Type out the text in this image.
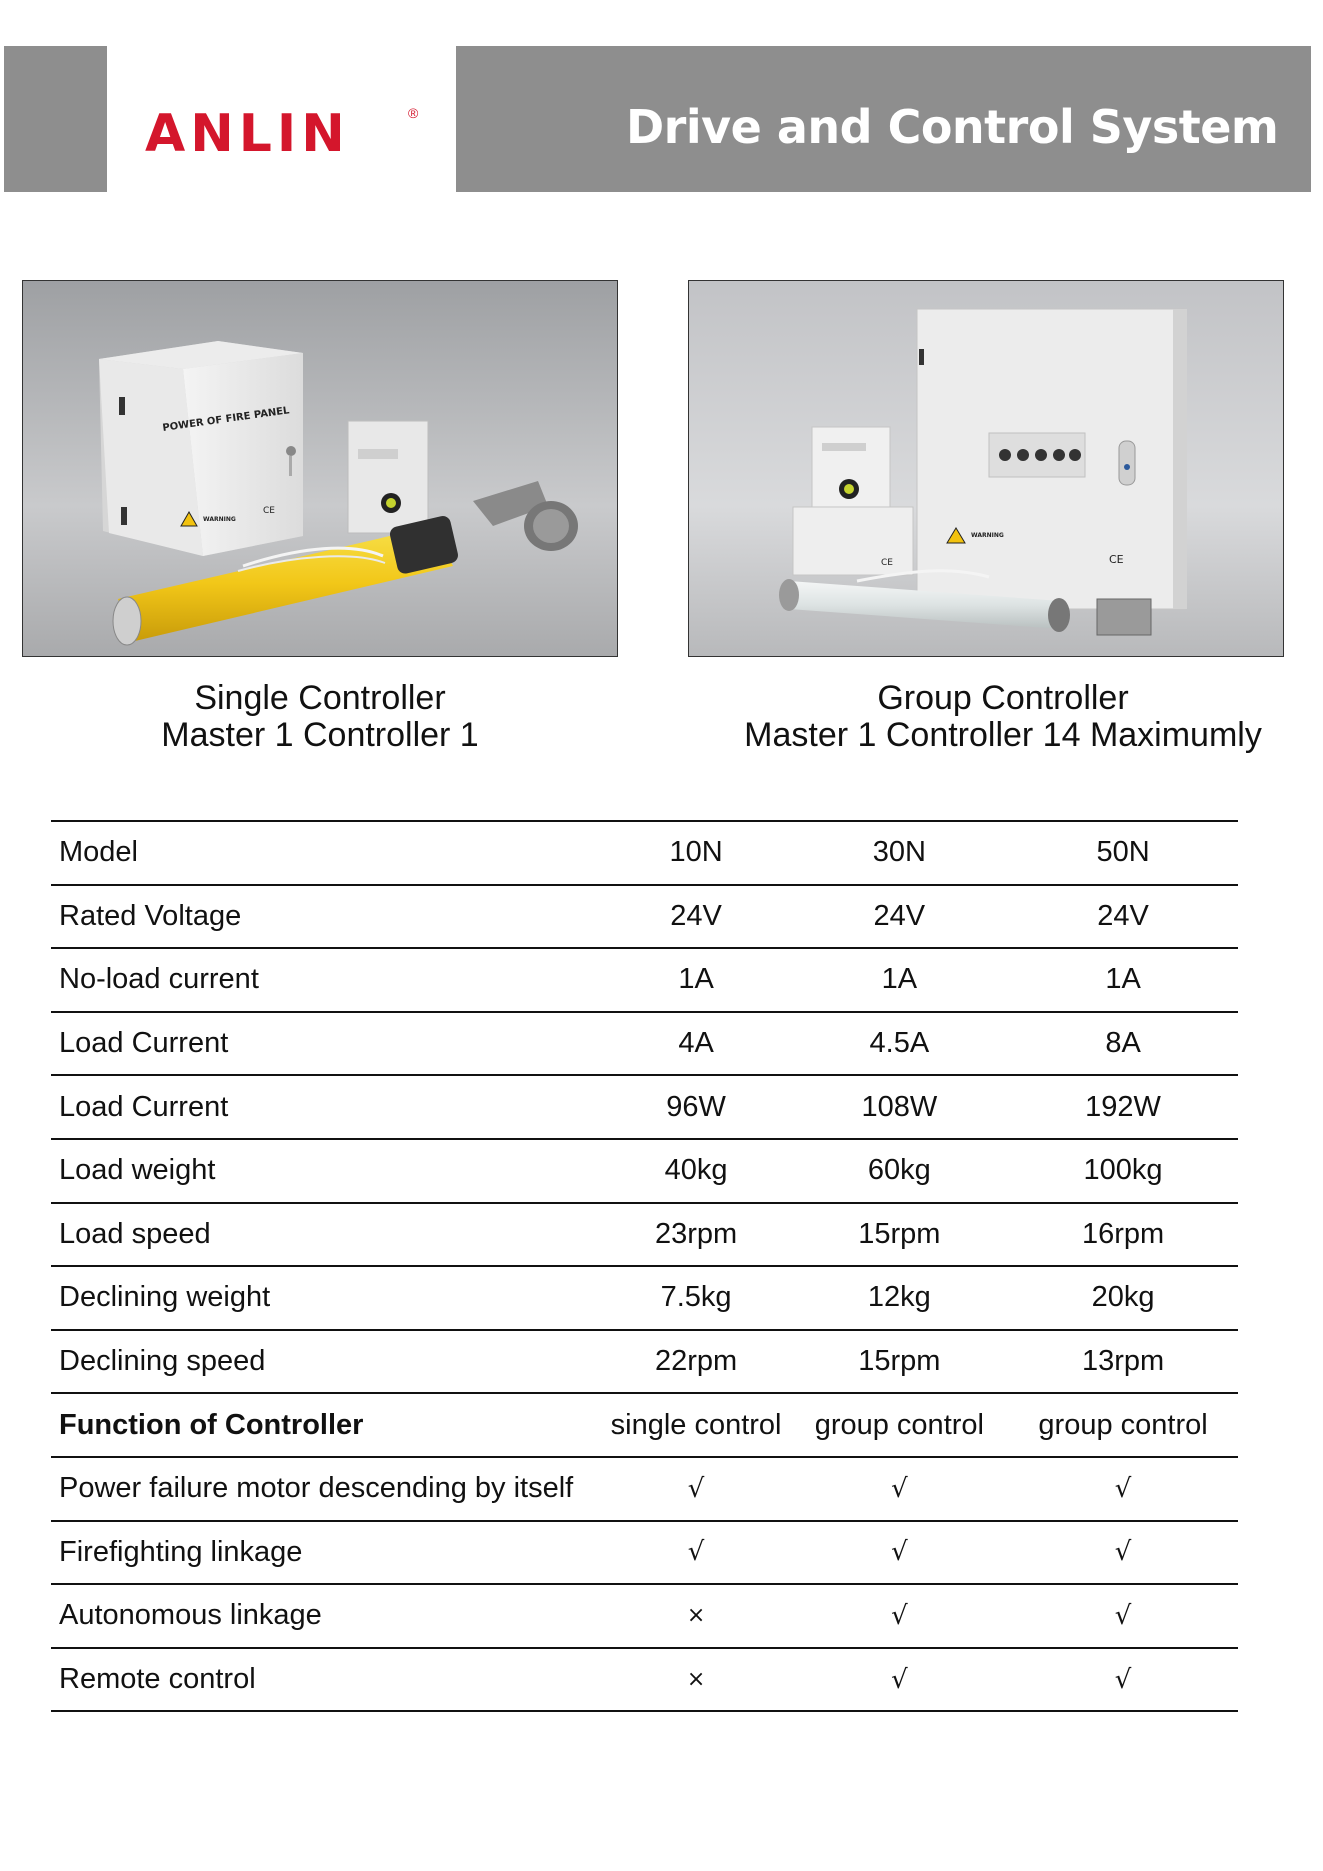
ANLIN	®	Drive and Control System
POWER OF FIRE PANEL
WARNING
CE
WARNING
CE
CE
Single Controller
Master 1 Controller 1
Group Controller
Master 1 Controller 14 Maximumly
Model	10N	30N	50N
Rated Voltage	24V	24V	24V
No-load current	1A	1A	1A
Load Current	4A	4.5A	8A
Load Current	96W	108W	192W
Load weight	40kg	60kg	100kg
Load speed	23rpm	15rpm	16rpm
Declining weight	7.5kg	12kg	20kg
Declining speed	22rpm	15rpm	13rpm
Function of Controller	single control	group control	group control
Power failure motor descending by itself	√	√	√
Firefighting linkage	√	√	√
Autonomous linkage	×	√	√
Remote control	×	√	√
